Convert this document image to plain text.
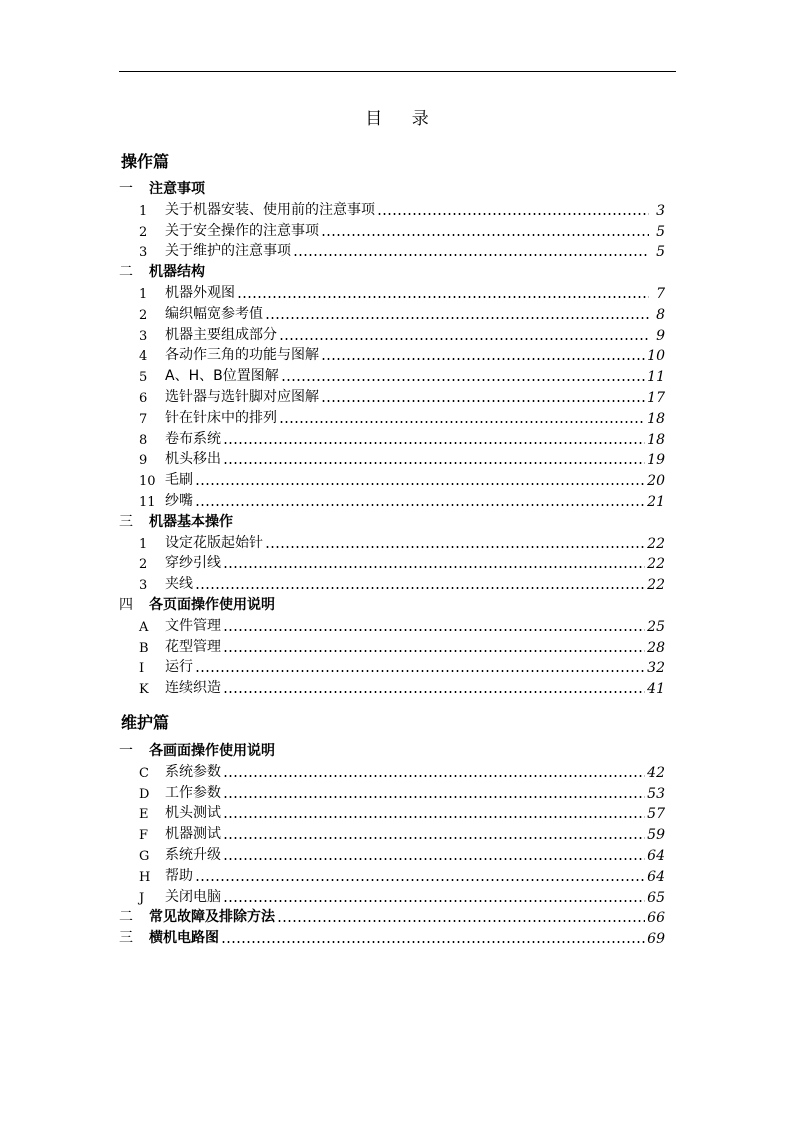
目 录
操作篇
一	注意事项
1	关于机器安装、使用前的注意事项	3
2	关于安全操作的注意事项	5
3	关于维护的注意事项	5
二	机器结构
1	机器外观图	7
2	编织幅宽参考值	8
3	机器主要组成部分	9
4	各动作三角的功能与图解	10
5	A、H、B位置图解	11
6	选针器与选针脚对应图解	17
7	针在针床中的排列	18
8	卷布系统	18
9	机头移出	19
10 毛刷	20
11 纱嘴	21
三	机器基本操作
1	设定花版起始针	22
2	穿纱引线	22
3	夹线	22
四	各页面操作使用说明
A	文件管理	25
B	花型管理	28
I	运行	32
K	连续织造	41
维护篇
一	各画面操作使用说明
C	系统参数	42
D	工作参数	53
E	机头测试	57
F	机器测试	59
G	系统升级	64
H	帮助	64
J	关闭电脑	65
二	常见故障及排除方法	66
三	横机电路图	69
